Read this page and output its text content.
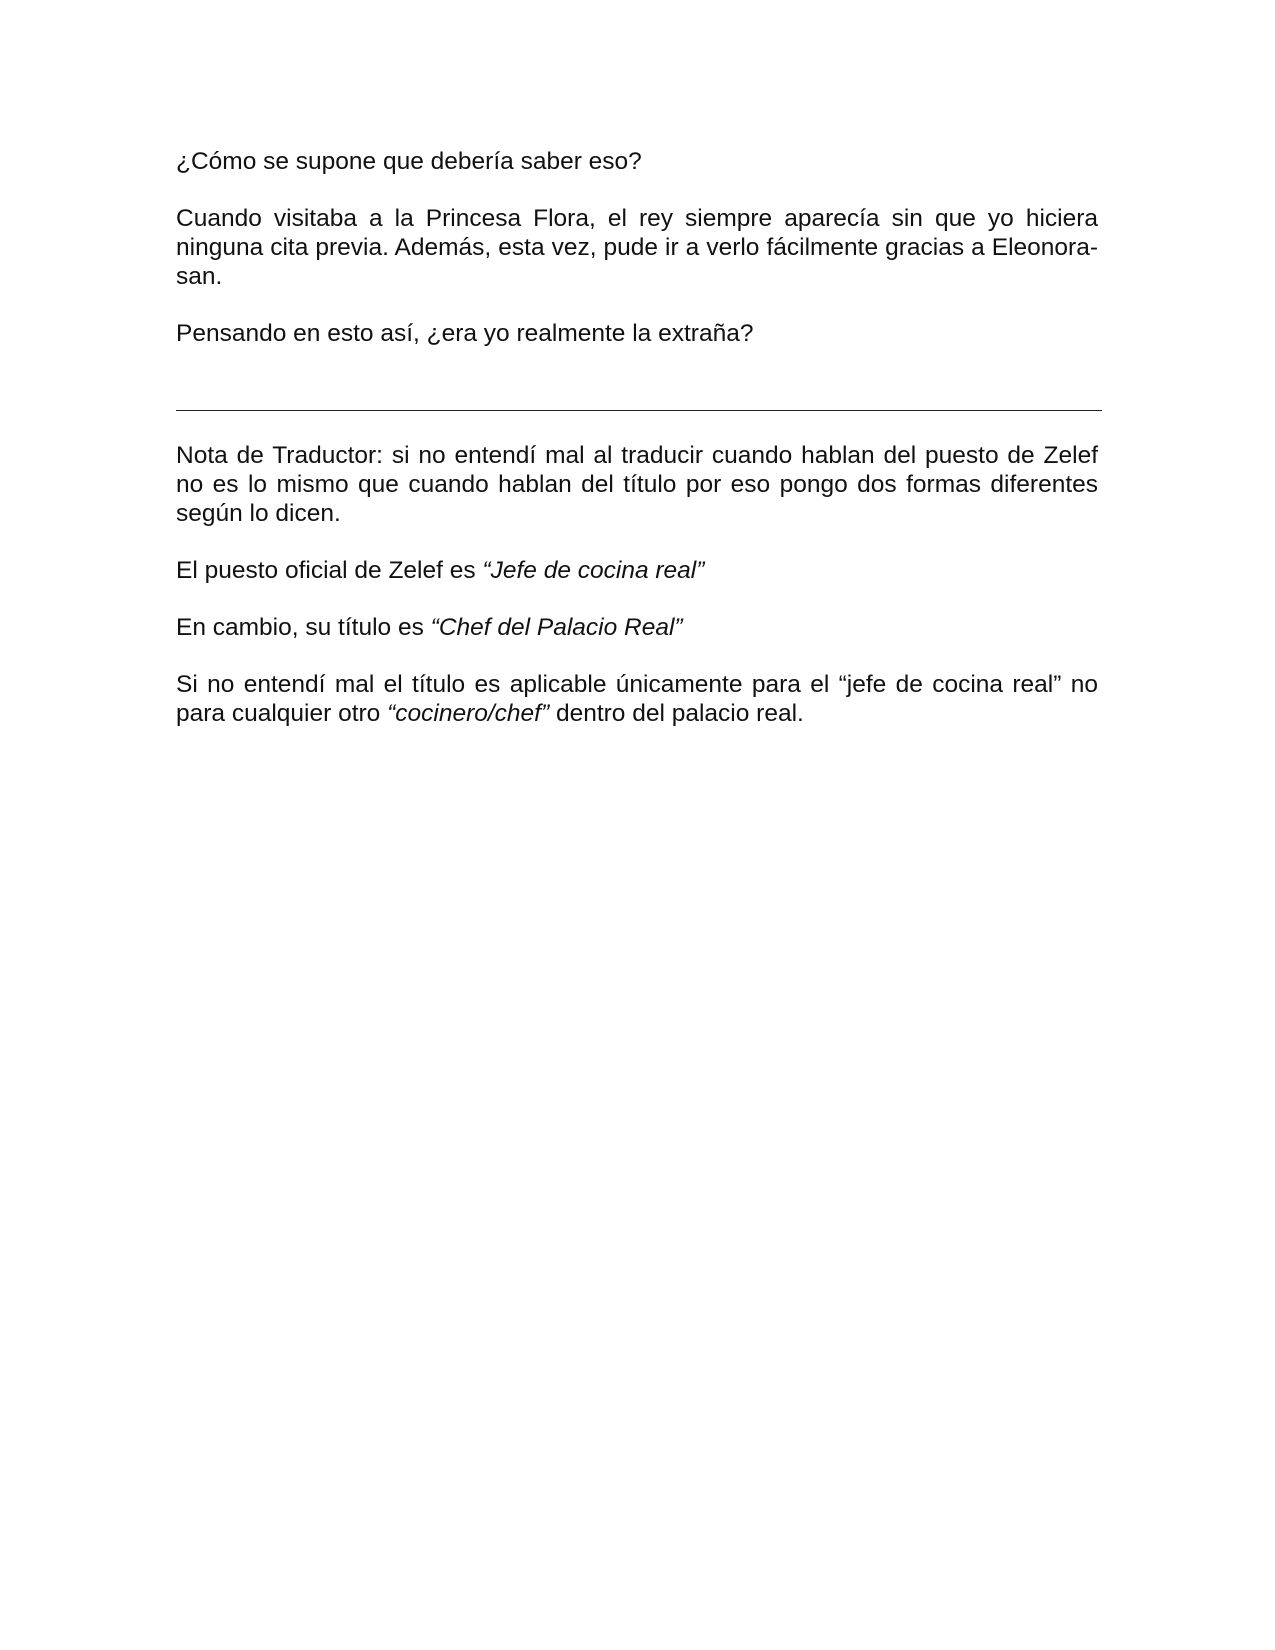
¿Cómo se supone que debería saber eso?

Cuando visitaba a la Princesa Flora, el rey siempre aparecía sin que yo hiciera ninguna cita previa. Además, esta vez, pude ir a verlo fácilmente gracias a Eleonora-san.

Pensando en esto así, ¿era yo realmente la extraña?

Nota de Traductor: si no entendí mal al traducir cuando hablan del puesto de Zelef no es lo mismo que cuando hablan del título por eso pongo dos formas diferentes según lo dicen.

El puesto oficial de Zelef es “Jefe de cocina real”

En cambio, su título es “Chef del Palacio Real”

Si no entendí mal el título es aplicable únicamente para el “jefe de cocina real” no para cualquier otro “cocinero/chef” dentro del palacio real.
